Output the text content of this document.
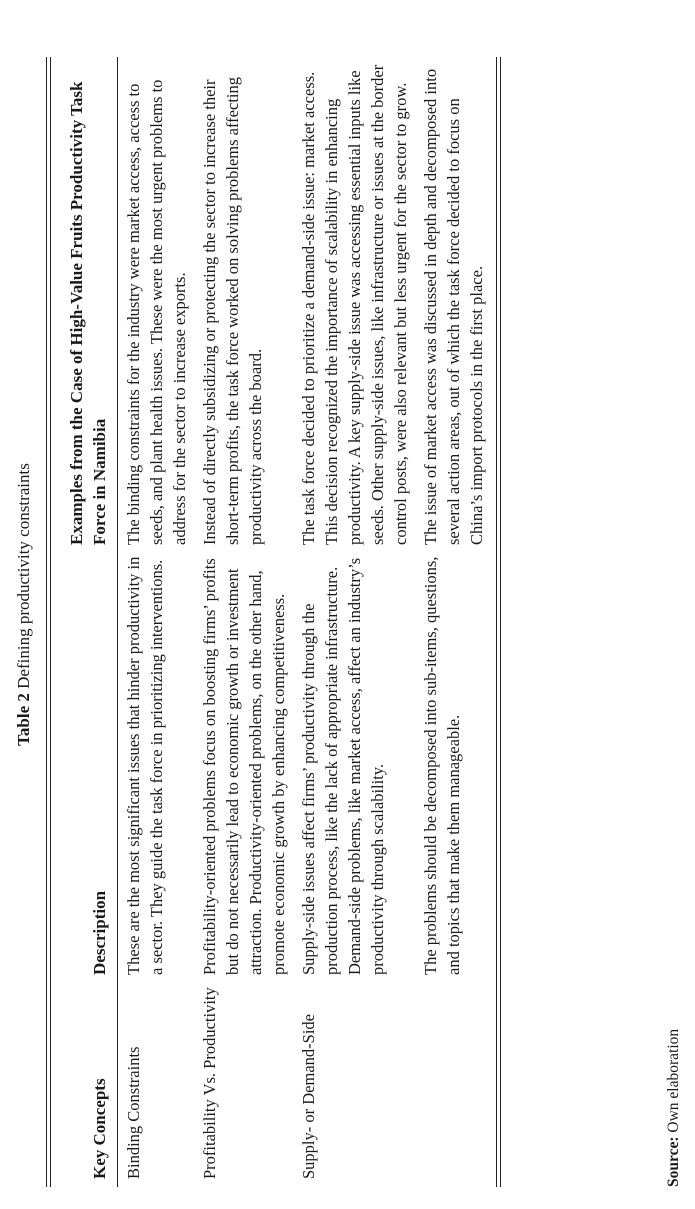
Table 2 Defining productivity constraints
Key Concepts
Description
Examples from the Case of High-Value Fruits Productivity Task Force in Namibia
Binding Constraints
These are the most significant issues that hinder productivity in a sector. They guide the task force in prioritizing interventions.
The binding constraints for the industry were market access, access to seeds, and plant health issues. These were the most urgent problems to address for the sector to increase exports.
Profitability Vs. Productivity
Profitability-oriented problems focus on boosting firms’ profits but do not necessarily lead to economic growth or investment attraction. Productivity-oriented problems, on the other hand, promote economic growth by enhancing competitiveness.
Instead of directly subsidizing or protecting the sector to increase their short-term profits, the task force worked on solving problems affecting productivity across the board.
Supply- or Demand-Side
Supply-side issues affect firms’ productivity through the production process, like the lack of appropriate infrastructure. Demand-side problems, like market access, affect an industry’s productivity through scalability.
The task force decided to prioritize a demand-side issue: market access. This decision recognized the importance of scalability in enhancing productivity. A key supply-side issue was accessing essential inputs like seeds. Other supply-side issues, like infrastructure or issues at the border control posts, were also relevant but less urgent for the sector to grow.
The problems should be decomposed into sub-items, questions, and topics that make them manageable.
The issue of market access was discussed in depth and decomposed into several action areas, out of which the task force decided to focus on China’s import protocols in the first place.
Source: Own elaboration
